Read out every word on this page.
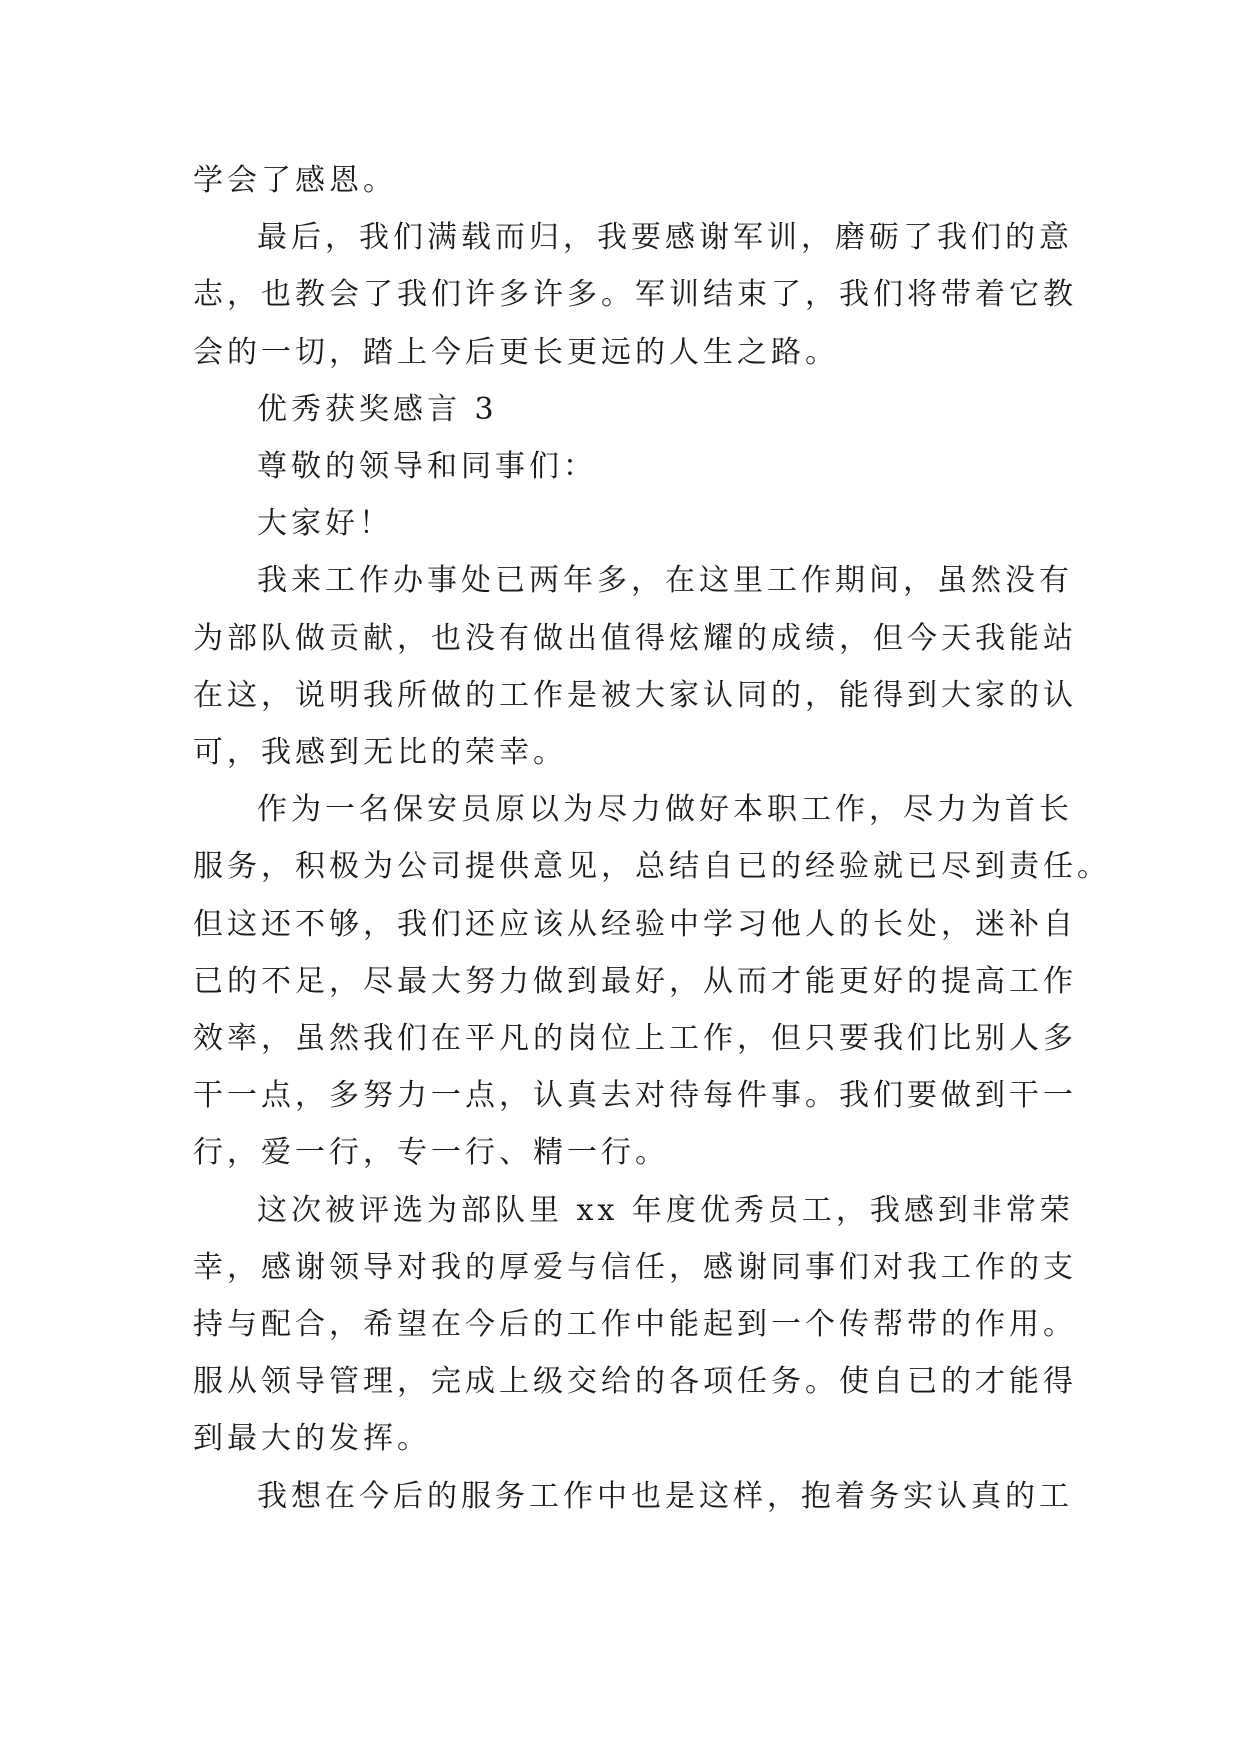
学会了感恩。

最后，我们满载而归，我要感谢军训，磨砺了我们的意
志，也教会了我们许多许多。军训结束了，我们将带着它教
会的一切，踏上今后更长更远的人生之路。

优秀获奖感言 3

尊敬的领导和同事们：

大家好！

我来工作办事处已两年多，在这里工作期间，虽然没有
为部队做贡献，也没有做出值得炫耀的成绩，但今天我能站
在这，说明我所做的工作是被大家认同的，能得到大家的认
可，我感到无比的荣幸。

作为一名保安员原以为尽力做好本职工作，尽力为首长
服务，积极为公司提供意见，总结自已的经验就已尽到责任。
但这还不够，我们还应该从经验中学习他人的长处，迷补自
已的不足，尽最大努力做到最好，从而才能更好的提高工作
效率，虽然我们在平凡的岗位上工作，但只要我们比别人多
干一点，多努力一点，认真去对待每件事。我们要做到干一
行，爱一行，专一行、精一行。

这次被评选为部队里 xx 年度优秀员工，我感到非常荣
幸，感谢领导对我的厚爱与信任，感谢同事们对我工作的支
持与配合，希望在今后的工作中能起到一个传帮带的作用。
服从领导管理，完成上级交给的各项任务。使自已的才能得
到最大的发挥。

我想在今后的服务工作中也是这样，抱着务实认真的工
